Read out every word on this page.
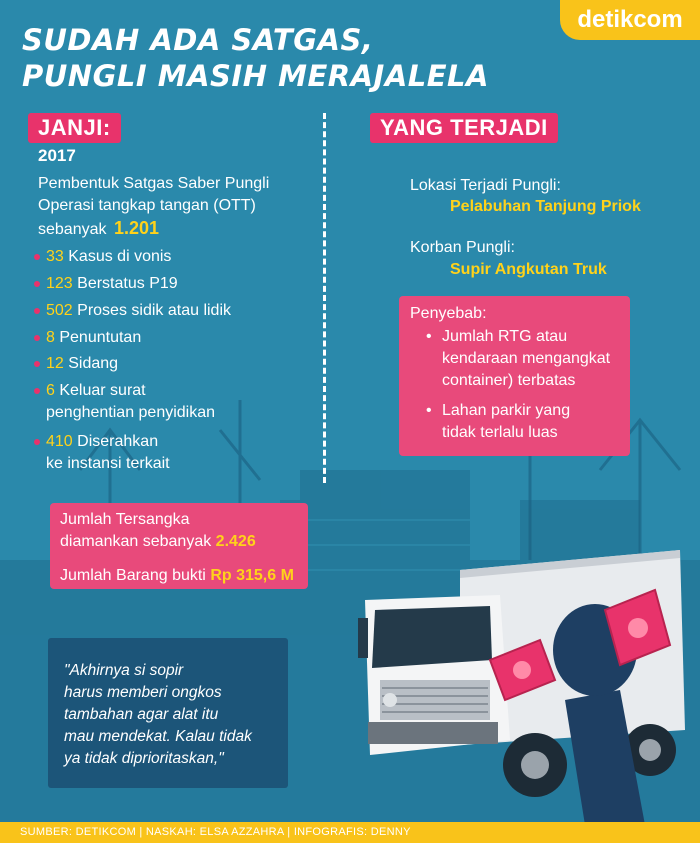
SUDAH ADA SATGAS,
PUNGLI MASIH MERAJALELA
detikcom
JANJI:
2017
Pembentuk Satgas Saber Pungli
Operasi tangkap tangan (OTT)
sebanyak 1.201
33 Kasus di vonis
123 Berstatus P19
502 Proses sidik atau lidik
8 Penuntutan
12 Sidang
6 Keluar surat
penghentian penyidikan
410 Diserahkan
ke instansi terkait
Jumlah Tersangka
diamankan sebanyak 2.426
Jumlah Barang bukti Rp 315,6 M
YANG TERJADI
Lokasi Terjadi Pungli:
Pelabuhan Tanjung Priok
Korban Pungli:
Supir Angkutan Truk
Penyebab:
• Jumlah RTG atau
kendaraan mengangkat
container) terbatas
• Lahan parkir yang
tidak terlalu luas
"Akhirnya si sopir
harus memberi ongkos
tambahan agar alat itu
mau mendekat. Kalau tidak
ya tidak diprioritaskan,"
SUMBER: DETIKCOM | NASKAH: ELSA AZZAHRA | INFOGRAFIS: DENNY
